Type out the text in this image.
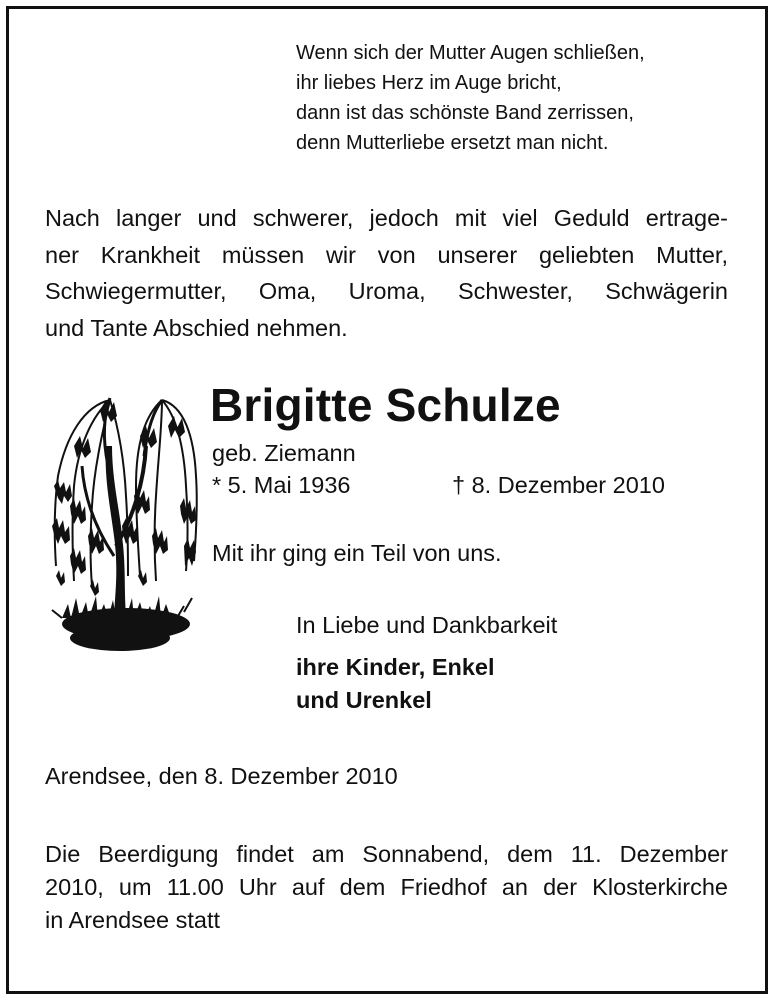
Wenn sich der Mutter Augen schließen,
ihr liebes Herz im Auge bricht,
dann ist das schönste Band zerrissen,
denn Mutterliebe ersetzt man nicht.
Nach langer und schwerer, jedoch mit viel Geduld ertrage-
ner Krankheit müssen wir von unserer geliebten Mutter,
Schwiegermutter, Oma, Uroma, Schwester, Schwägerin
und Tante Abschied nehmen.
Brigitte Schulze
geb. Ziemann
* 5. Mai 1936	† 8. Dezember 2010
Mit ihr ging ein Teil von uns.
In Liebe und Dankbarkeit
ihre Kinder, Enkel
und Urenkel
Arendsee, den 8. Dezember 2010
Die Beerdigung findet am Sonnabend, dem 11. Dezember
2010, um 11.00 Uhr auf dem Friedhof an der Klosterkirche
in Arendsee statt
